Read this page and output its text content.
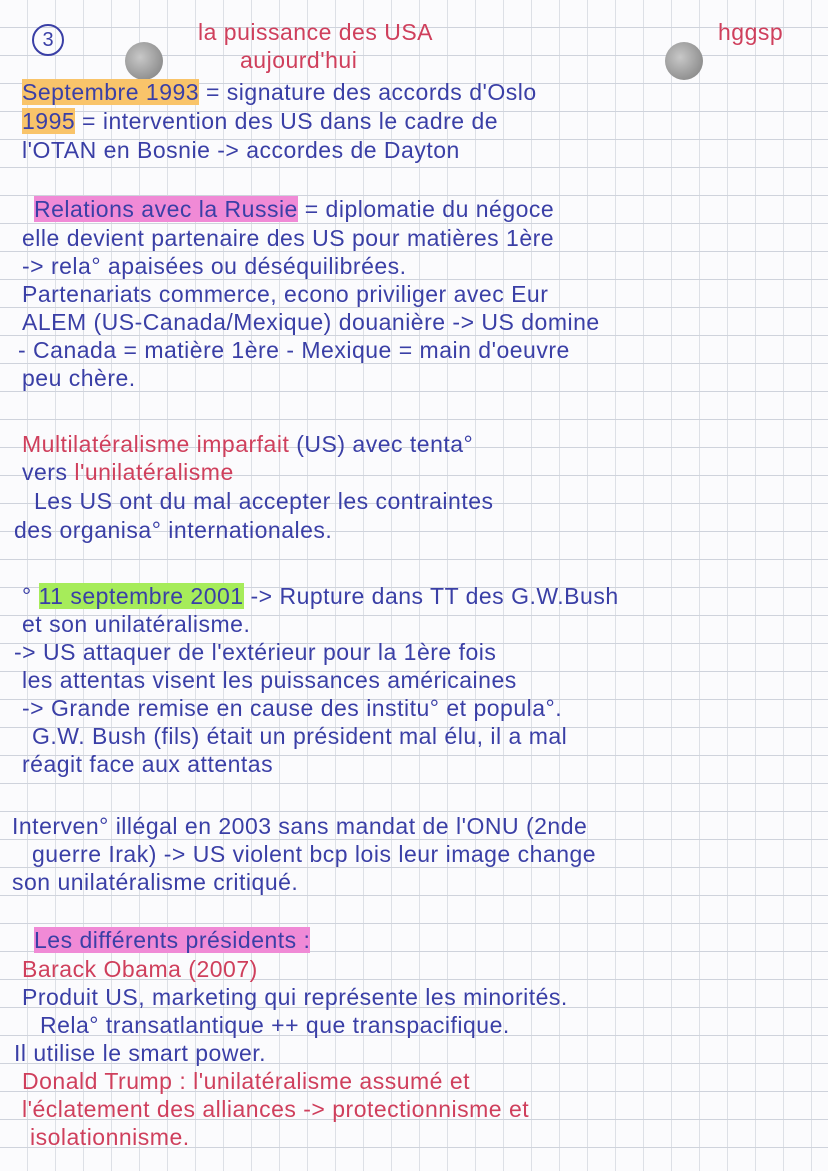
3	la puissance des USA
aujourd'hui
hggsp
Septembre 1993 = signature des accords d'Oslo
1995 = intervention des US dans le cadre de
l'OTAN en Bosnie -> accordes de Dayton
Relations avec la Russie = diplomatie du négoce
elle devient partenaire des US pour matières 1ère
-> rela° apaisées ou déséquilibrées.
Partenariats commerce, econo priviliger avec Eur
ALEM (US-Canada/Mexique) douanière -> US domine
- Canada = matière 1ère - Mexique = main d'oeuvre
peu chère.
Multilatéralisme imparfait (US) avec tenta°
vers l'unilatéralisme
Les US ont du mal accepter les contraintes
des organisa° internationales.
° 11 septembre 2001 -> Rupture dans TT des G.W.Bush
et son unilatéralisme.
-> US attaquer de l'extérieur pour la 1ère fois
les attentas visent les puissances américaines
-> Grande remise en cause des institu° et popula°.
G.W. Bush (fils) était un président mal élu, il a mal
réagit face aux attentas
Interven° illégal en 2003 sans mandat de l'ONU (2nde
guerre Irak) -> US violent bcp lois leur image change
son unilatéralisme critiqué.
Les différents présidents :
Barack Obama (2007)
Produit US, marketing qui représente les minorités.
Rela° transatlantique ++ que transpacifique.
Il utilise le smart power.
Donald Trump : l'unilatéralisme assumé et
l'éclatement des alliances -> protectionnisme et
isolationnisme.
